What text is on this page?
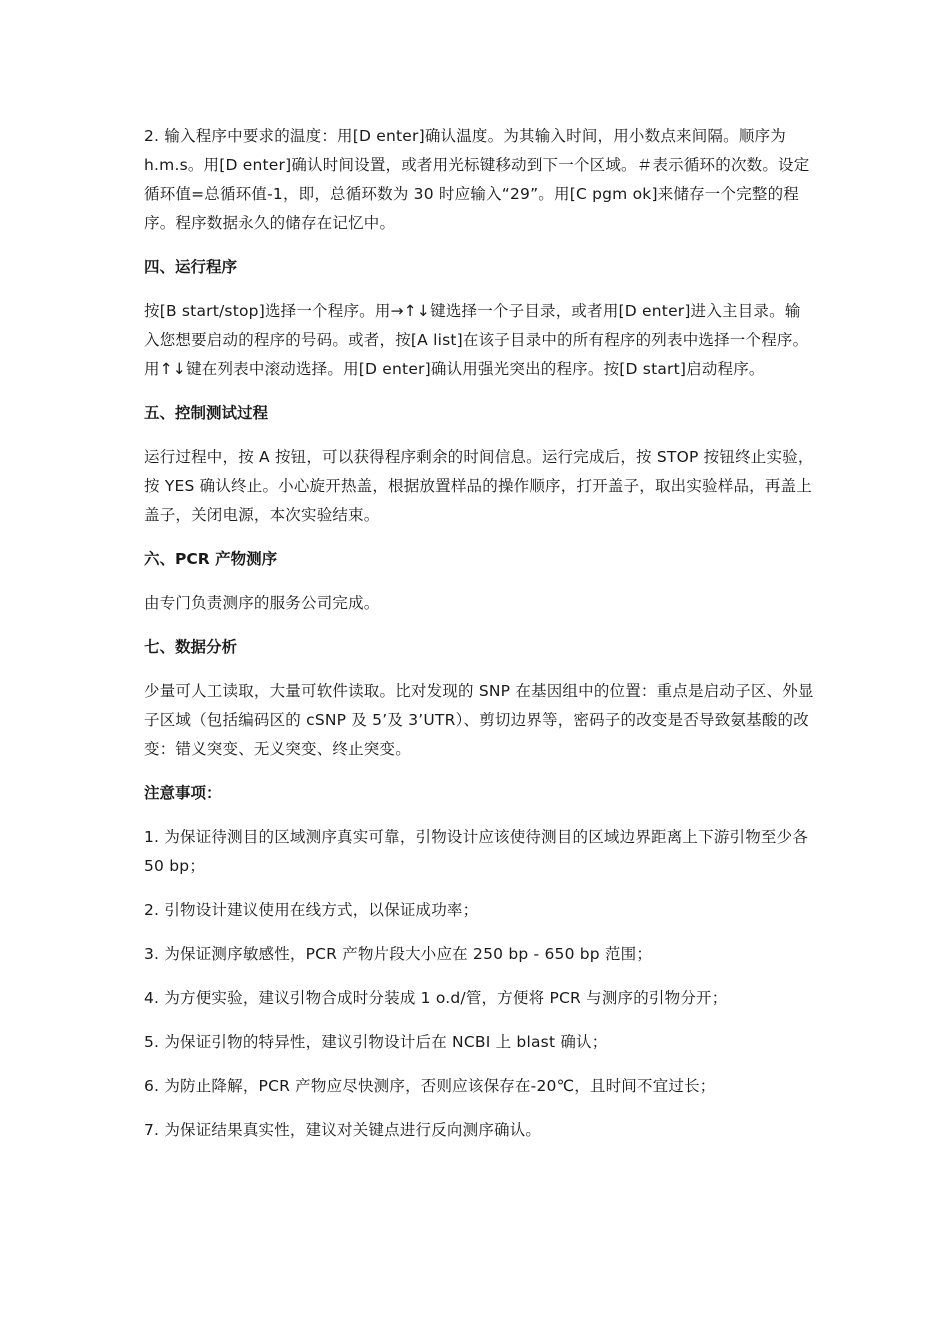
2. 输入程序中要求的温度：用[D enter]确认温度。为其输入时间，用小数点来间隔。顺序为 h.m.s。用[D enter]确认时间设置，或者用光标键移动到下一个区域。＃表示循环的次数。设定循环值=总循环值-1，即，总循环数为 30 时应输入“29”。用[C pgm ok]来储存一个完整的程序。程序数据永久的储存在记忆中。

四、运行程序

按[B start/stop]选择一个程序。用→↑↓键选择一个子目录，或者用[D enter]进入主目录。输入您想要启动的程序的号码。或者，按[A list]在该子目录中的所有程序的列表中选择一个程序。用↑↓键在列表中滚动选择。用[D enter]确认用强光突出的程序。按[D start]启动程序。

五、控制测试过程

运行过程中，按 A 按钮，可以获得程序剩余的时间信息。运行完成后，按 STOP 按钮终止实验，按 YES 确认终止。小心旋开热盖，根据放置样品的操作顺序，打开盖子，取出实验样品，再盖上盖子，关闭电源，本次实验结束。

六、PCR 产物测序

由专门负责测序的服务公司完成。

七、数据分析

少量可人工读取，大量可软件读取。比对发现的 SNP 在基因组中的位置：重点是启动子区、外显子区域（包括编码区的 cSNP 及 5’及 3’UTR）、剪切边界等，密码子的改变是否导致氨基酸的改变：错义突变、无义突变、终止突变。

注意事项：

1. 为保证待测目的区域测序真实可靠，引物设计应该使待测目的区域边界距离上下游引物至少各 50 bp；

2. 引物设计建议使用在线方式，以保证成功率；

3. 为保证测序敏感性，PCR 产物片段大小应在 250 bp - 650 bp 范围；

4. 为方便实验，建议引物合成时分装成 1 o.d/管，方便将 PCR 与测序的引物分开；

5. 为保证引物的特异性，建议引物设计后在 NCBI 上 blast 确认；

6. 为防止降解，PCR 产物应尽快测序，否则应该保存在-20℃，且时间不宜过长；

7. 为保证结果真实性，建议对关键点进行反向测序确认。
